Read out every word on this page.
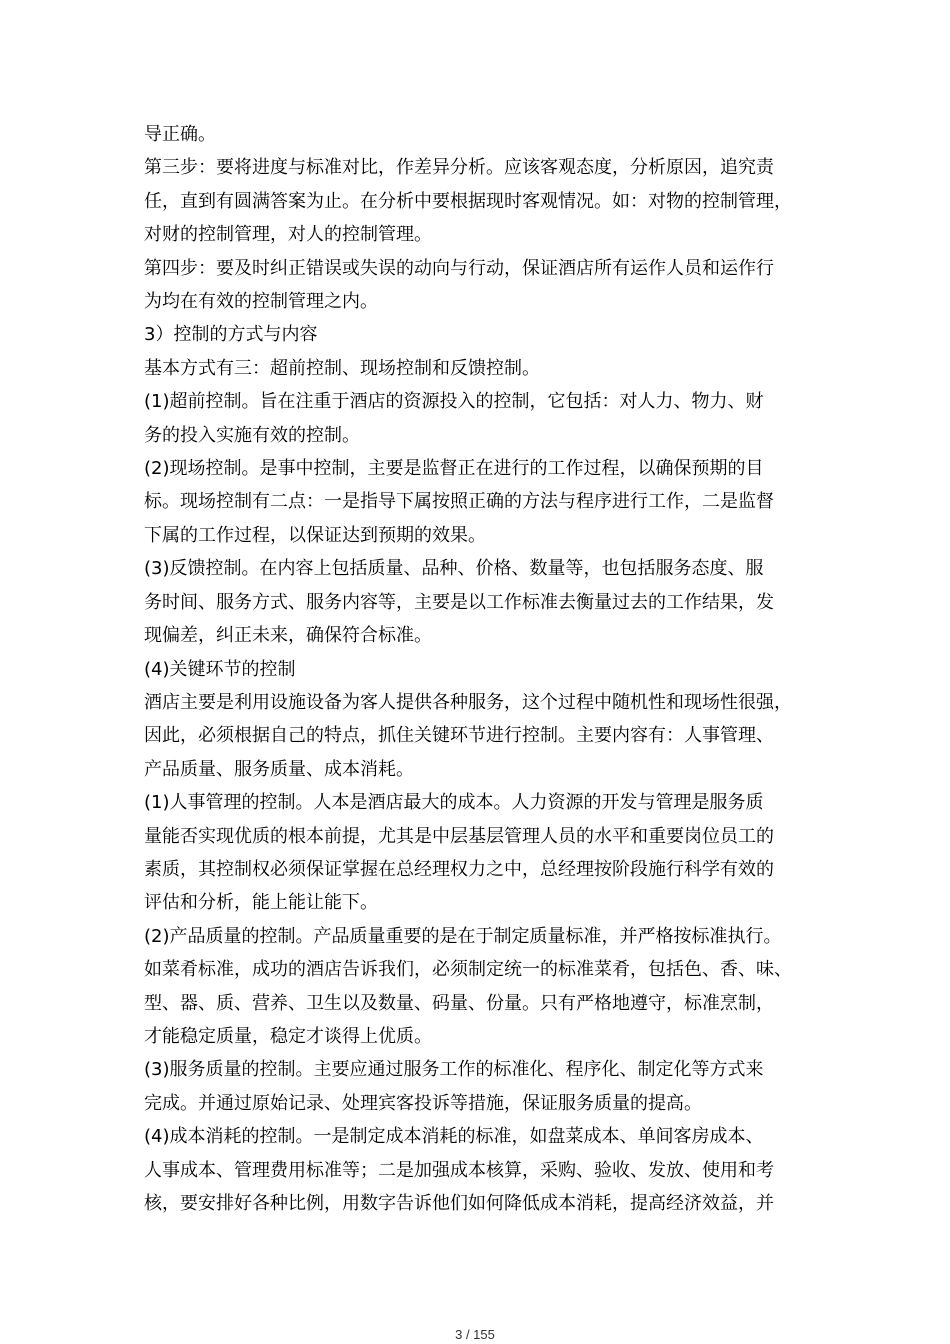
导正确。
第三步：要将进度与标准对比，作差异分析。应该客观态度，分析原因，追究责
任，直到有圆满答案为止。在分析中要根据现时客观情况。如：对物的控制管理，
对财的控制管理，对人的控制管理。
第四步：要及时纠正错误或失误的动向与行动，保证酒店所有运作人员和运作行
为均在有效的控制管理之内。
3）控制的方式与内容
基本方式有三：超前控制、现场控制和反馈控制。
(1)超前控制。旨在注重于酒店的资源投入的控制，它包括：对人力、物力、财
务的投入实施有效的控制。
(2)现场控制。是事中控制，主要是监督正在进行的工作过程，以确保预期的目
标。现场控制有二点：一是指导下属按照正确的方法与程序进行工作，二是监督
下属的工作过程，以保证达到预期的效果。
(3)反馈控制。在内容上包括质量、品种、价格、数量等，也包括服务态度、服
务时间、服务方式、服务内容等，主要是以工作标准去衡量过去的工作结果，发
现偏差，纠正未来，确保符合标准。
(4)关键环节的控制
酒店主要是利用设施设备为客人提供各种服务，这个过程中随机性和现场性很强，
因此，必须根据自己的特点，抓住关键环节进行控制。主要内容有：人事管理、
产品质量、服务质量、成本消耗。
(1)人事管理的控制。人本是酒店最大的成本。人力资源的开发与管理是服务质
量能否实现优质的根本前提，尤其是中层基层管理人员的水平和重要岗位员工的
素质，其控制权必须保证掌握在总经理权力之中，总经理按阶段施行科学有效的
评估和分析，能上能让能下。
(2)产品质量的控制。产品质量重要的是在于制定质量标准，并严格按标准执行。
如菜肴标准，成功的酒店告诉我们，必须制定统一的标准菜肴，包括色、香、味、
型、器、质、营养、卫生以及数量、码量、份量。只有严格地遵守，标准烹制，
才能稳定质量，稳定才谈得上优质。
(3)服务质量的控制。主要应通过服务工作的标准化、程序化、制定化等方式来
完成。并通过原始记录、处理宾客投诉等措施，保证服务质量的提高。
(4)成本消耗的控制。一是制定成本消耗的标准，如盘菜成本、单间客房成本、
人事成本、管理费用标准等；二是加强成本核算，采购、验收、发放、使用和考
核，要安排好各种比例，用数字告诉他们如何降低成本消耗，提高经济效益，并
3 / 155
